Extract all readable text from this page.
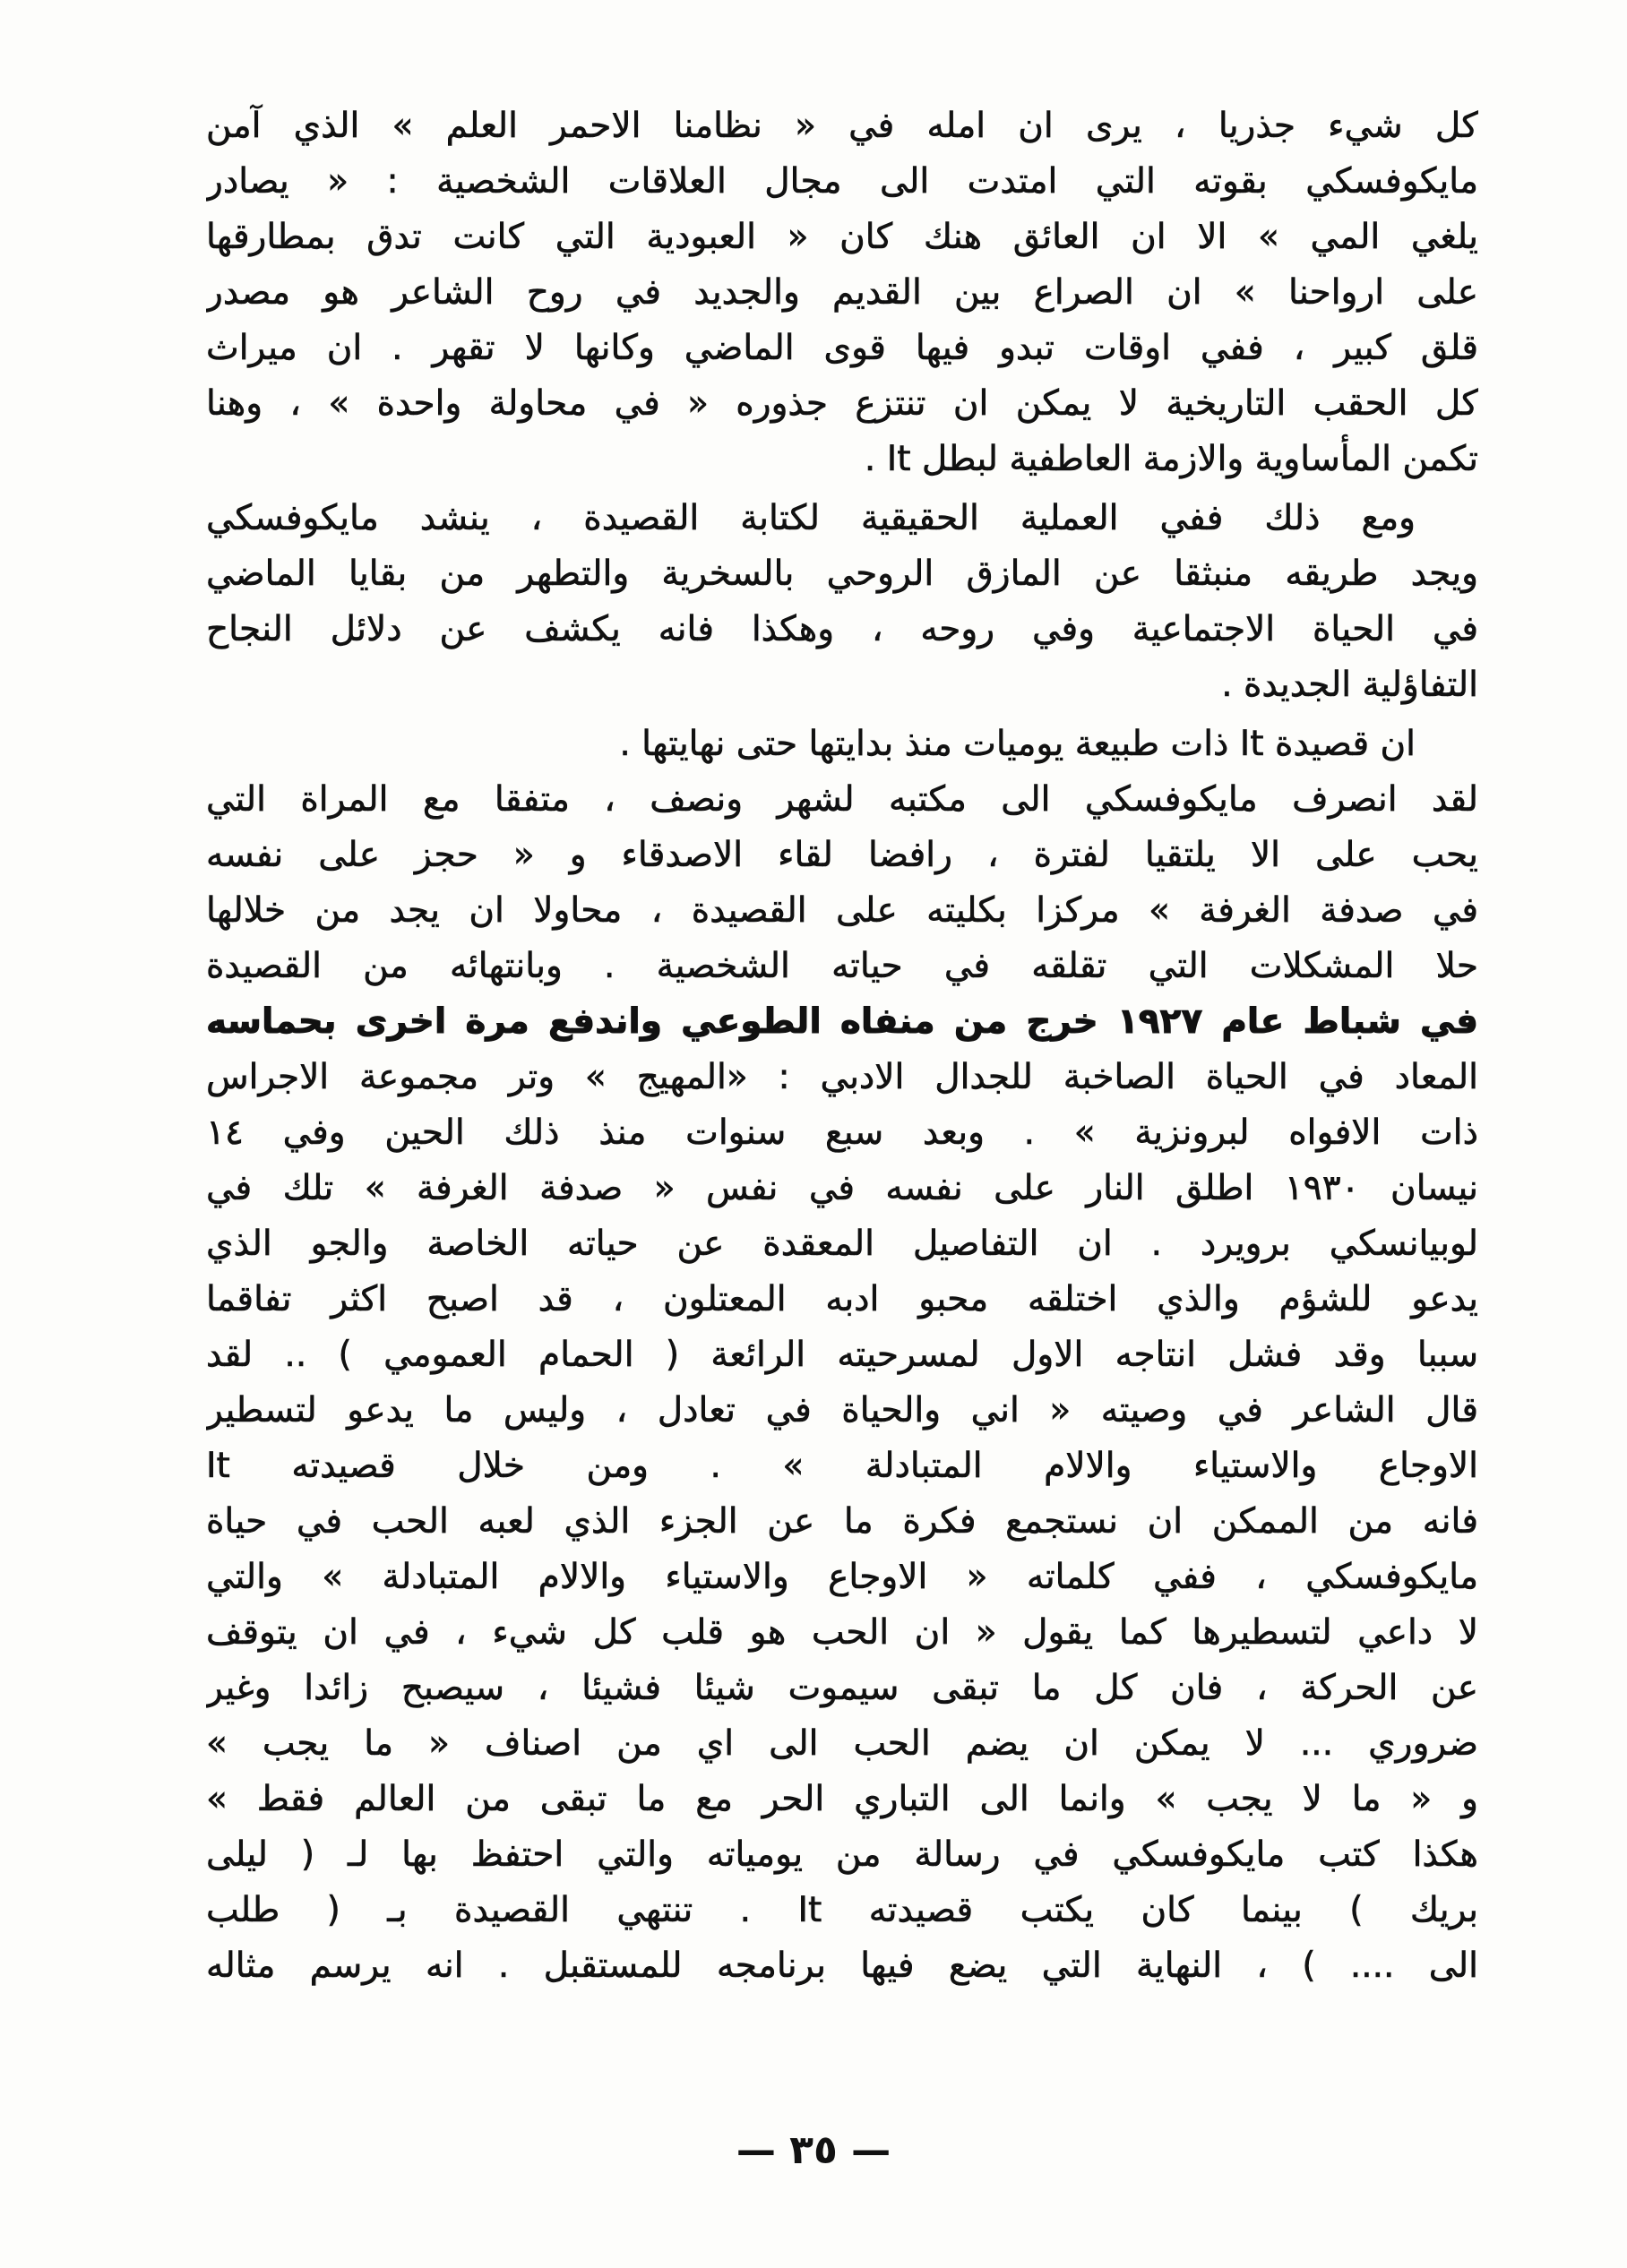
كل شيء جذريا ، يرى ان امله في « نظامنا الاحمر العلم » الذي آمن
مايكوفسكي بقوته التي امتدت الى مجال العلاقات الشخصية : « يصادر
يلغي المي » الا ان العائق هنك كان « العبودية التي كانت تدق بمطارقها
على ارواحنا » ان الصراع بين القديم والجديد في روح الشاعر هو مصدر
قلق كبير ، ففي اوقات تبدو فيها قوى الماضي وكانها لا تقهر . ان ميراث
كل الحقب التاريخية لا يمكن ان تنتزع جذوره « في محاولة واحدة » ، وهنا
تكمن المأساوية والازمة العاطفية لبطل It .
ومع ذلك ففي العملية الحقيقية لكتابة القصيدة ، ينشد مايكوفسكي
ويجد طريقه منبثقا عن المازق الروحي بالسخرية والتطهر من بقايا الماضي
في الحياة الاجتماعية وفي روحه ، وهكذا فانه يكشف عن دلائل النجاح
التفاؤلية الجديدة .
ان قصيدة It ذات طبيعة يوميات منذ بدايتها حتى نهايتها .
لقد انصرف مايكوفسكي الى مكتبه لشهر ونصف ، متفقا مع المراة التي
يحب على الا يلتقيا لفترة ، رافضا لقاء الاصدقاء و « حجز على نفسه
في صدفة الغرفة » مركزا بكليته على القصيدة ، محاولا ان يجد من خلالها
حلا المشكلات التي تقلقه في حياته الشخصية . وبانتهائه من القصيدة
في شباط عام ١٩٢٧ خرج من منفاه الطوعي واندفع مرة اخرى بحماسه
المعاد في الحياة الصاخبة للجدال الادبي : «المهيج » وتر مجموعة الاجراس
ذات الافواه لبرونزية » . وبعد سبع سنوات منذ ذلك الحين وفي ١٤
نيسان ١٩٣٠ اطلق النار على نفسه في نفس « صدفة الغرفة » تلك في
لوبيانسكي برويرد . ان التفاصيل المعقدة عن حياته الخاصة والجو الذي
يدعو للشؤم والذي اختلقه محبو ادبه المعتلون ، قد اصبح اكثر تفاقما
سببا وقد فشل انتاجه الاول لمسرحيته الرائعة ( الحمام العمومي ) .. لقد
قال الشاعر في وصيته « اني والحياة في تعادل ، وليس ما يدعو لتسطير
الاوجاع والاستياء والالام المتبادلة » . ومن خلال قصيدته It
فانه من الممكن ان نستجمع فكرة ما عن الجزء الذي لعبه الحب في حياة
مايكوفسكي ، ففي كلماته « الاوجاع والاستياء والالام المتبادلة » والتي
لا داعي لتسطيرها كما يقول « ان الحب هو قلب كل شيء ، في ان يتوقف
عن الحركة ، فان كل ما تبقى سيموت شيئا فشيئا ، سيصبح زائدا وغير
ضروري ... لا يمكن ان يضم الحب الى اي من اصناف « ما يجب »
و « ما لا يجب » وانما الى التباري الحر مع ما تبقى من العالم فقط »
هكذا كتب مايكوفسكي في رسالة من يومياته والتي احتفظ بها لـ ( ليلى
بريك ) بينما كان يكتب قصيدته It . تنتهي القصيدة بـ ( طلب
الى .... ) ، النهاية التي يضع فيها برنامجه للمستقبل . انه يرسم مثاله
— ٣٥ —
